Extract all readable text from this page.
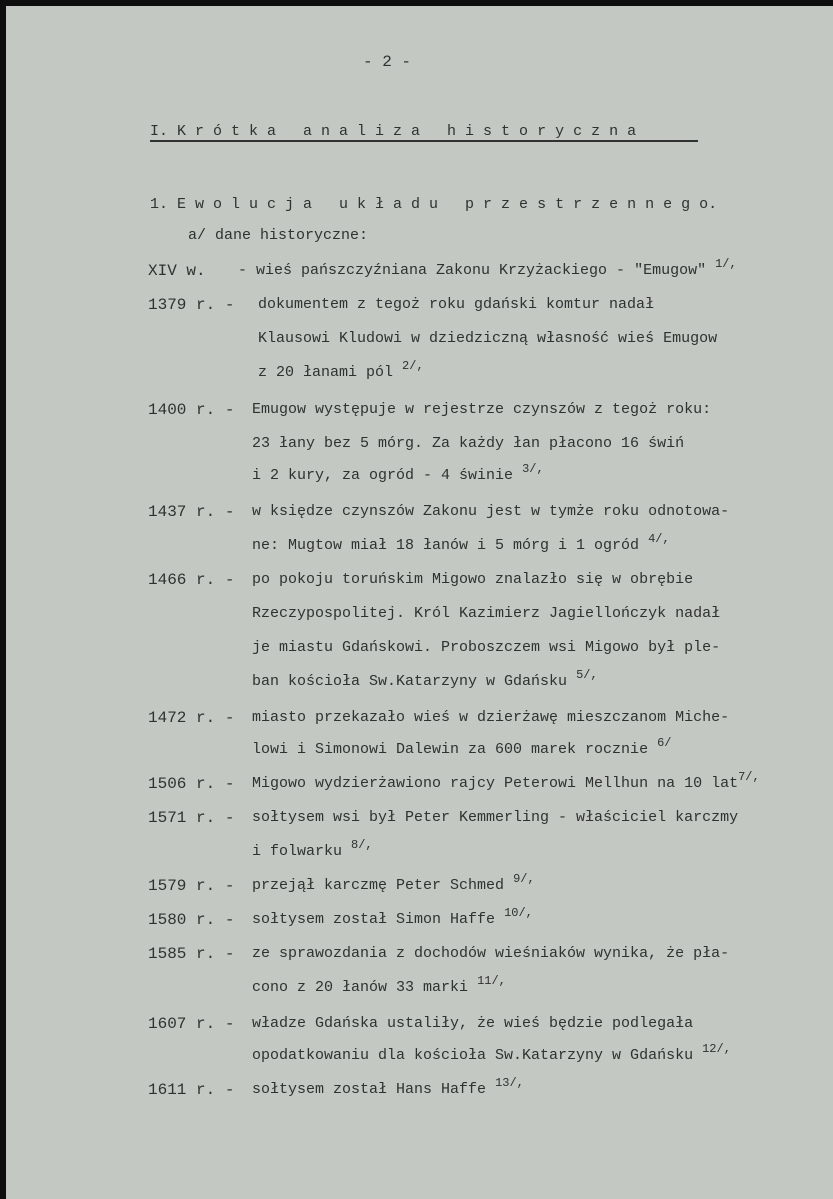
- 2 -
I. K r ó t k a   a n a l i z a   h i s t o r y c z n a
1. E w o l u c j a   u k ł a d u   p r z e s t r z e n n e g o.
a/ dane historyczne:
XIV w. - wieś pańszczyźniana Zakonu Krzyżackiego - "Emugow" $^{1/,}$
1379 r. - dokumentem z tegoż roku gdański komtur nadał
Klausowi Kludowi w dziedziczną własność wieś Emugow
z 20 łanami pól $^{2/,}$
1400 r. - Emugow występuje w rejestrze czynszów z tegoż roku:
23 łany bez 5 mórg. Za każdy łan płacono 16 świń
i 2 kury, za ogród - 4 świnie $^{3/,}$
1437 r. - w księdze czynszów Zakonu jest w tymże roku odnotowa-
ne: Mugtow miał 18 łanów i 5 mórg i 1 ogród $^{4/,}$
1466 r. - po pokoju toruńskim Migowo znalazło się w obrębie
Rzeczypospolitej. Król Kazimierz Jagiellończyk nadał
je miastu Gdańskowi. Proboszczem wsi Migowo był ple-
ban kościoła Sw.Katarzyny w Gdańsku $^{5/,}$
1472 r. - miasto przekazało wieś w dzierżawę mieszczanom Miche-
lowi i Simonowi Dalewin za 600 marek rocznie $^{6/}$
1506 r. - Migowo wydzierżawiono rajcy Peterowi Mellhun na 10 lat$^{7/,}$
1571 r. - sołtysem wsi był Peter Kemmerling - właściciel karczmy
i folwarku $^{8/,}$
1579 r. - przejął karczmę Peter Schmed $^{9/,}$
1580 r. - sołtysem został Simon Haffe $^{10/,}$
1585 r. - ze sprawozdania z dochodów wieśniaków wynika, że pła-
cono z 20 łanów 33 marki $^{11/,}$
1607 r. - władze Gdańska ustaliły, że wieś będzie podlegała
opodatkowaniu dla kościoła Sw.Katarzyny w Gdańsku $^{12/,}$
1611 r. - sołtysem został Hans Haffe $^{13/,}$
